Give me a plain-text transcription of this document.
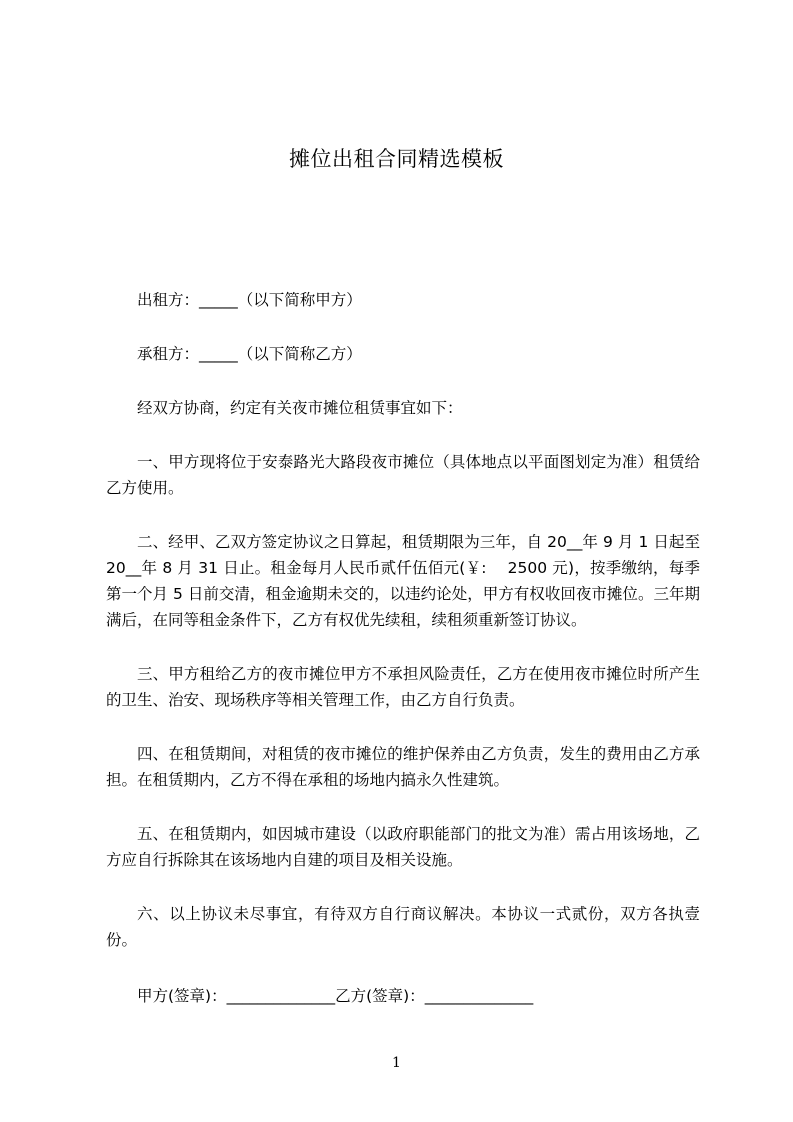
摊位出租合同精选模板
出租方：_____（以下简称甲方）
承租方：_____（以下简称乙方）
经双方协商，约定有关夜市摊位租赁事宜如下：

一、甲方现将位于安泰路光大路段夜市摊位（具体地点以平面图划定为准）租赁给乙方使用。

二、经甲、乙双方签定协议之日算起，租赁期限为三年，自 20__年 9 月 1 日起至 20__年 8 月 31 日止。租金每月人民币贰仟伍佰元(￥:　 2500 元)，按季缴纳，每季第一个月 5 日前交清，租金逾期未交的，以违约论处，甲方有权收回夜市摊位。三年期满后，在同等租金条件下，乙方有权优先续租，续租须重新签订协议。

三、甲方租给乙方的夜市摊位甲方不承担风险责任，乙方在使用夜市摊位时所产生的卫生、治安、现场秩序等相关管理工作，由乙方自行负责。

四、在租赁期间，对租赁的夜市摊位的维护保养由乙方负责，发生的费用由乙方承担。在租赁期内，乙方不得在承租的场地内搞永久性建筑。

五、在租赁期内，如因城市建设（以政府职能部门的批文为准）需占用该场地，乙方应自行拆除其在该场地内自建的项目及相关设施。

六、以上协议未尽事宜，有待双方自行商议解决。本协议一式贰份，双方各执壹份。

甲方(签章)：______________乙方(签章)：______________
1
